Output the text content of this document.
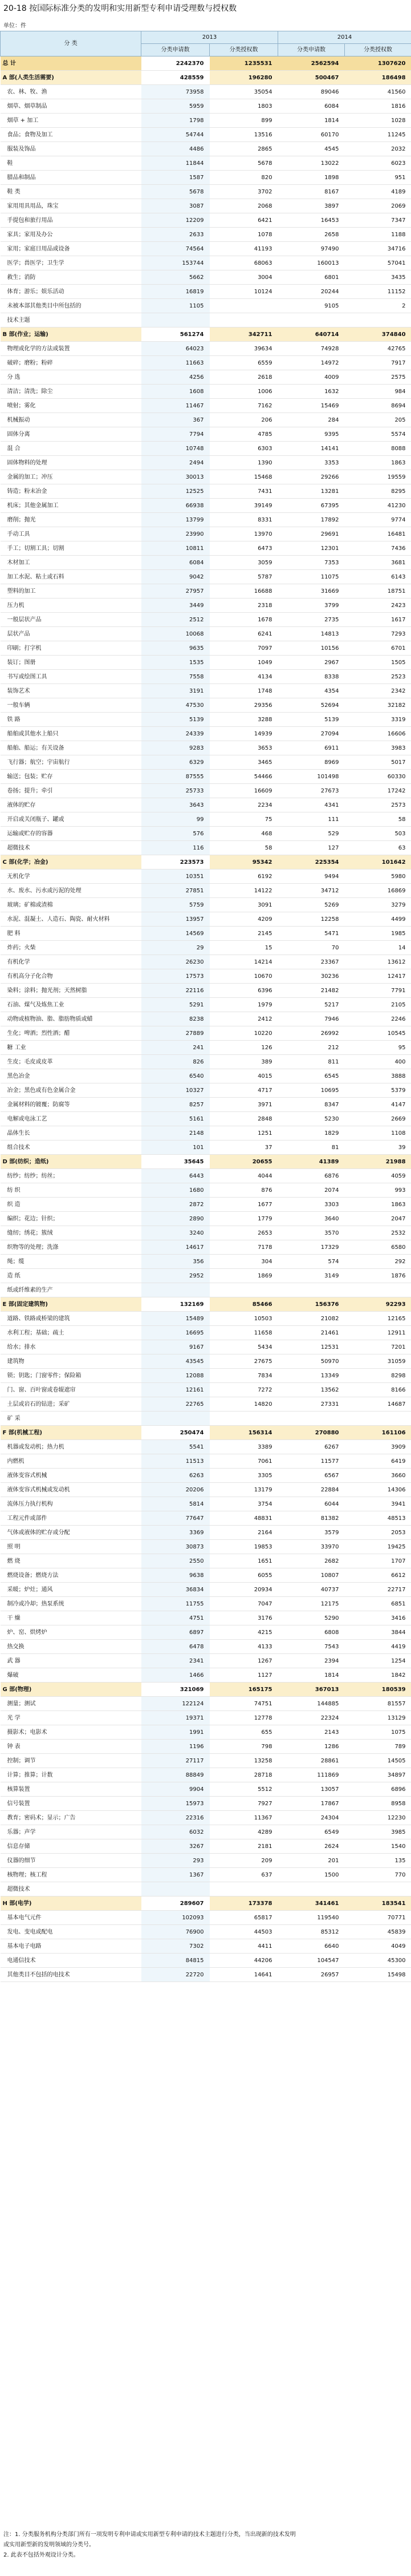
20-18 按国际标准分类的发明和实用新型专利申请受理数与授权数
单位：件
分 类	2013		2014	
	分类申请数	分类授权数	分类申请数	分类授权数
总 计	2242370	1235531	2562594	1307620
A 部(人类生活需要)	428559	196280	500467	186498
农、林、牧、渔	73958	35054	89046	41560
烟草、烟草制品	5959	1803	6084	1816
烟草 + 加工	1798	899	1814	1028
食品；食物及加工	54744	13516	60170	11245
服装及饰品	4486	2865	4545	2032
鞋	11844	5678	13022	6023
腊品和制品	1587	820	1898	951
鞋 类	5678	3702	8167	4189
家用用具用品，珠宝	3087	2068	3897	2069
手提包和旅行用品	12209	6421	16453	7347
家具；家用及办公	2633	1078	2658	1188
家用；家庭日用品或设备	74564	41193	97490	34716
医学；兽医学；卫生学	153744	68063	160013	57041
救生；消防	5662	3004	6801	3435
体育；游乐；娱乐活动	16819	10124	20244	11152
未被本部其他类目中所包括的	1105		9105	2
技术主题				
B 部(作业；运输)	561274	342711	640714	374840
物理或化学的方法或装置	64023	39634	74928	42765
破碎；磨粉；粉碎	11663	6559	14972	7917
分 选	4256	2618	4009	2575
清洁；清洗；除尘	1608	1006	1632	984
喷射；雾化	11467	7162	15469	8694
机械振动	367	206	284	205
固体分离	7794	4785	9395	5574
混 合	10748	6303	14141	8088
固体物料的处理	2494	1390	3353	1863
金属的加工；冲压	30013	15468	29266	19559
铸造；粉末冶金	12525	7431	13281	8295
机床；其他金属加工	66938	39149	67395	41230
磨削；抛光	13799	8331	17892	9774
手动工具	23990	13970	29691	16481
手工；切割工具；切割	10811	6473	12301	7436
木材加工	6084	3059	7353	3681
加工水泥、粘土或石料	9042	5787	11075	6143
塑料的加工	27957	16688	31669	18751
压力机	3449	2318	3799	2423
一般层状产品	2512	1678	2735	1617
层状产品	10068	6241	14813	7293
印刷；打字机	9635	7097	10156	6701
装订；图册	1535	1049	2967	1505
书写或绘图工具	7558	4134	8338	2523
装饰艺术	3191	1748	4354	2342
一般车辆	47530	29356	52694	32182
铁 路	5139	3288	5139	3319
船舶或其他水上船只	24339	14939	27094	16606
船舶、船运；有关设备	9283	3653	6911	3983
飞行器；航空；宇宙航行	6329	3465	8969	5017
输送；包装；贮存	87555	54466	101498	60330
卷扬；提升；牵引	25733	16609	27673	17242
液体的贮存	3643	2234	4341	2573
开启或关闭瓶子、罐或	99	75	111	58
运输或贮存的容器	576	468	529	503
超微技术	116	58	127	63
C 部(化学；冶金)	223573	95342	225354	101642
无机化学	10351	6192	9494	5980
水、废水、污水或污泥的处理	27851	14122	34712	16869
玻璃；矿棉或渣棉	5759	3091	5269	3279
水泥、混凝土、人造石、陶瓷、耐火材料	13957	4209	12258	4499
肥 料	14569	2145	5471	1985
炸药；火柴	29	15	70	14
有机化学	26230	14214	23367	13612
有机高分子化合物	17573	10670	30236	12417
染料；涂料；抛光剂；天然树脂	22116	6396	21482	7791
石油、煤气及炼焦工业	5291	1979	5217	2105
动物或植物油、脂、脂肪物质或蜡	8238	2412	7946	2246
生化；啤酒；烈性酒；醋	27889	10220	26992	10545
糖 工业	241	126	212	95
生皮；毛皮或皮革	826	389	811	400
黑色冶金	6540	4015	6545	3888
冶金；黑色或有色金属合金	10327	4717	10695	5379
金属材料的镀覆；防腐等	8257	3971	8347	4147
电解或电泳工艺	5161	2848	5230	2669
晶体生长	2148	1251	1829	1108
组合技术	101	37	81	39
D 部(纺织；造纸)	35645	20655	41389	21988
纺纱；纺纱；纺丝；	6443	4044	6876	4059
纺 织	1680	876	2074	993
织 造	2872	1677	3303	1863
编织；花边；针织；	2890	1779	3640	2047
缝纫；绣花；簇绒	3240	2653	3570	2532
织物等的处理；洗涤	14617	7178	17329	6580
绳；缆	356	304	574	292
造 纸	2952	1869	3149	1876
纸或纤维素的生产				
E 部(固定建筑物)	132169	85466	156376	92293
道路、铁路或桥梁的建筑	15489	10503	21082	12165
水利工程；基础；疏土	16695	11658	21461	12911
给水；排水	9167	5434	12531	7201
建筑物	43545	27675	50970	31059
锁；钥匙；门窗零件；保险箱	12088	7834	13349	8298
门、窗、百叶窗或卷辊遮帘	12161	7272	13562	8166
土层或岩石的钻进；采矿	22765	14820	27331	14687
矿 采				
F 部(机械工程)	250474	156314	270880	161106
机器或发动机；热力机	5541	3389	6267	3909
内燃机	11513	7061	11577	6419
液体变容式机械	6263	3305	6567	3660
液体变容式机械或发动机	20206	13179	22884	14306
流体压力执行机构	5814	3754	6044	3941
工程元件或部件	77647	48831	81382	48513
气体或液体的贮存或分配	3369	2164	3579	2053
照 明	30873	19853	33970	19425
燃 烧	2550	1651	2682	1707
燃烧设备；燃烧方法	9638	6055	10807	6612
采暖；炉灶；通风	36834	20934	40737	22717
制冷或冷却；热泵系统	11755	7047	12175	6851
干 燥	4751	3176	5290	3416
炉、窑、烘烤炉	6897	4215	6808	3844
热交换	6478	4133	7543	4419
武 器	2341	1267	2394	1254
爆破	1466	1127	1814	1842
G 部(物理)	321069	165175	367013	180539
测量；测试	122124	74751	144885	81557
光 学	19371	12778	22324	13129
摄影术；电影术	1991	655	2143	1075
钟 表	1196	798	1286	789
控制；调节	27117	13258	28861	14505
计算；推算；计数	88849	28718	111869	34897
核算装置	9904	5512	13057	6896
信号装置	15973	7927	17867	8958
教育；密码术；显示；广告	22316	11367	24304	12230
乐器；声学	6032	4289	6549	3985
信息存储	3267	2181	2624	1540
仪器的细节	293	209	201	135
核物理；核工程	1367	637	1500	770
超微技术				
H 部(电学)	289607	173378	341461	183541
基本电气元件	102093	65817	119540	70771
发电、变电或配电	76900	44503	85312	45839
基本电子电路	7302	4411	6640	4049
电通信技术	84815	44206	104547	45300
其他类目不包括的电技术	22720	14641	26957	15498
注：1. 分类服务机构分类部门所有一项发明专利申请或实用新型专利申请的技术主题进行分类，当出现新的技术发明
或实用新型新的发明领域的分类号。
2. 此表不包括外观设计分类。
